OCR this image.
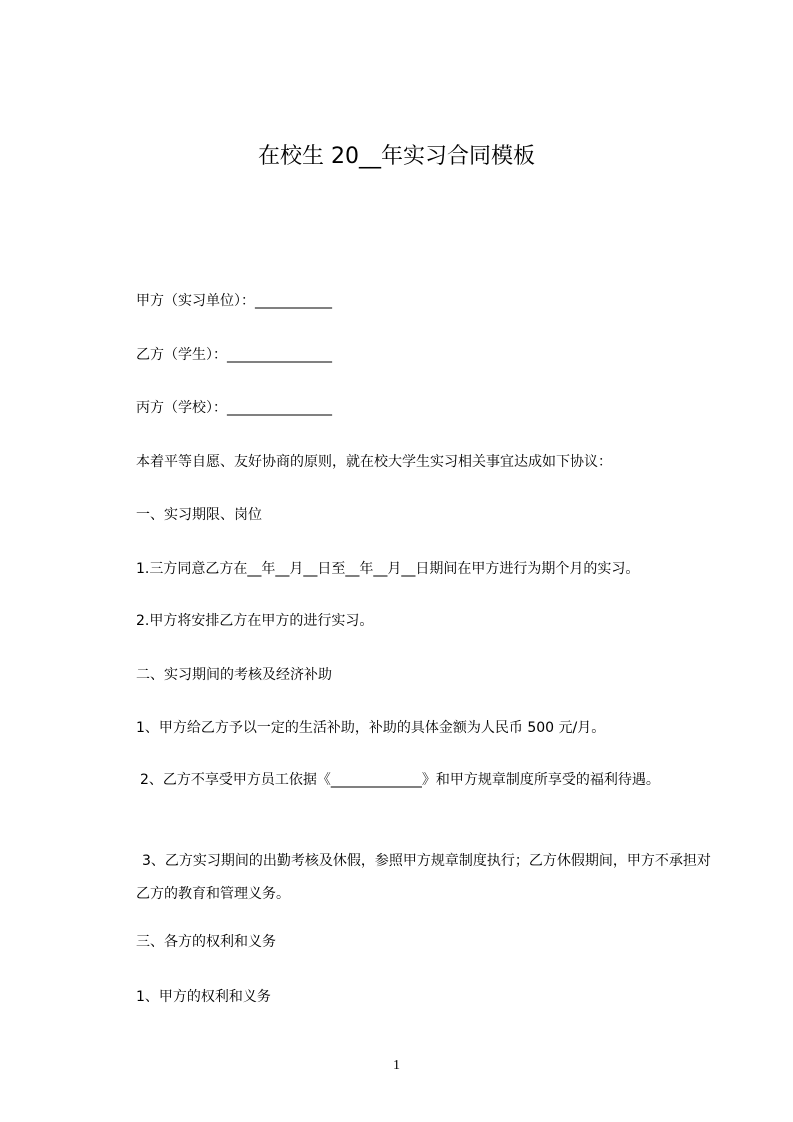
在校生 20__年实习合同模板
甲方（实习单位）：___________
乙方（学生）：_______________
丙方（学校）：_______________
本着平等自愿、友好协商的原则，就在校大学生实习相关事宜达成如下协议：
一、实习期限、岗位
1.三方同意乙方在__年__月__日至__年__月__日期间在甲方进行为期个月的实习。
2.甲方将安排乙方在甲方的进行实习。
二、实习期间的考核及经济补助
1、甲方给乙方予以一定的生活补助，补助的具体金额为人民币 500 元/月。
2、乙方不享受甲方员工依据《_____________》和甲方规章制度所享受的福利待遇。
3、乙方实习期间的出勤考核及休假，参照甲方规章制度执行；乙方休假期间，甲方不承担对乙方的教育和管理义务。
三、各方的权利和义务
1、甲方的权利和义务
1
